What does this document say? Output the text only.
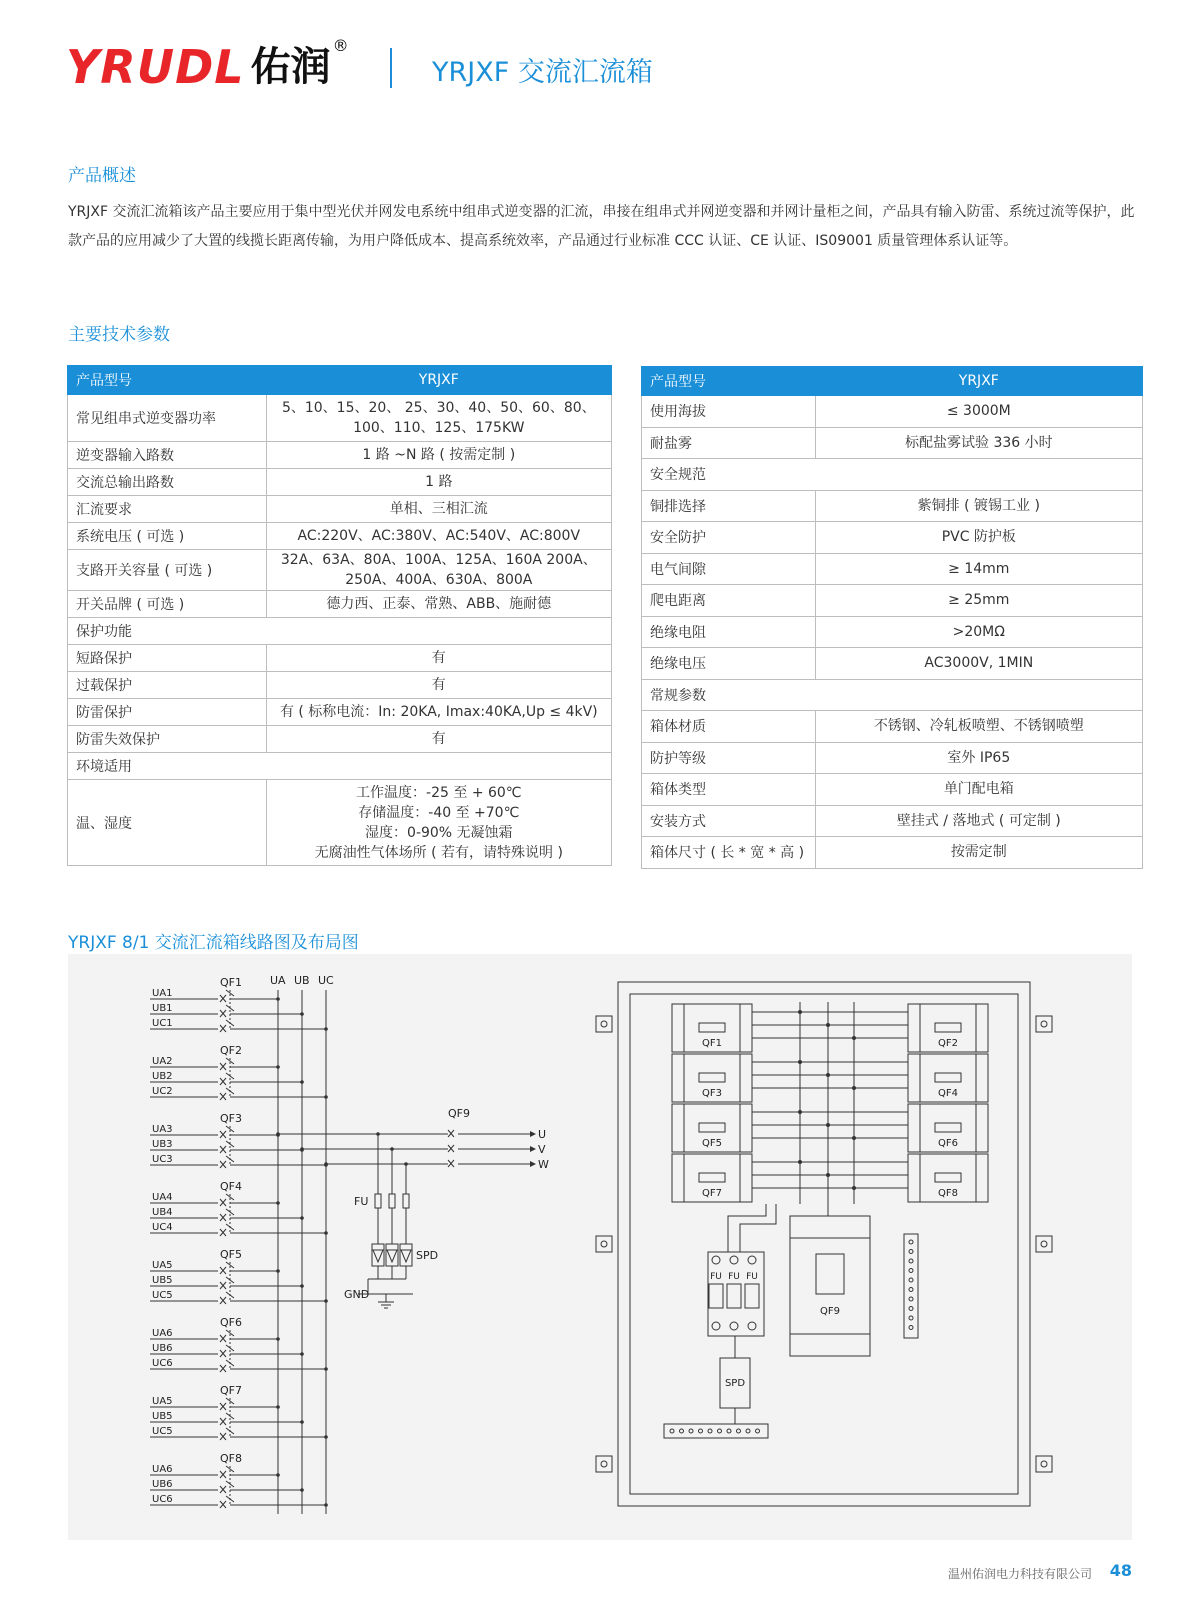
YRUDL 佑润 ®
YRJXF 交流汇流箱
产品概述
YRJXF 交流汇流箱该产品主要应用于集中型光伏并网发电系统中组串式逆变器的汇流，串接在组串式并网逆变器和并网计量柜之间，产品具有输入防雷、系统过流等保护，此款产品的应用减少了大置的线揽长距离传输，为用户降低成本、提高系统效率，产品通过行业标准 CCC 认证、CE 认证、IS09001 质量管理体系认证等。
主要技术参数
产品型号	YRJXF
常见组串式逆变器功率	5、10、15、20、 25、30、40、50、60、80、100、110、125、175KW
逆变器输入路数	1 路 ~N 路 ( 按需定制 )
交流总输出路数	1 路
汇流要求	单相、三相汇流
系统电压 ( 可选 )	AC:220V、AC:380V、AC:540V、AC:800V
支路开关容量 ( 可选 )	32A、63A、80A、100A、125A、160A 200A、250A、400A、630A、800A
开关品牌 ( 可选 )	德力西、正泰、常熟、ABB、施耐德
保护功能	
短路保护	有
过载保护	有
防雷保护	有 ( 标称电流：In: 20KA, Imax:40KA,Up ≤ 4kV)
防雷失效保护	有
环境适用	
温、湿度	工作温度：-25 至 + 60℃
存储温度：-40 至 +70℃
湿度：0-90% 无凝蚀霜
无腐油性气体场所 ( 若有，请特殊说明 )
产品型号	YRJXF
使用海拔	≤ 3000M
耐盐雾	标配盐雾试验 336 小时
安全规范	
铜排选择	紫铜排 ( 镀锡工业 )
安全防护	PVC 防护板
电气间隙	≥ 14mm
爬电距离	≥ 25mm
绝缘电阻	>20MΩ
绝缘电压	AC3000V, 1MIN
常规参数	
箱体材质	不锈钢、冷轧板喷塑、不锈钢喷塑
防护等级	室外 IP65
箱体类型	单门配电箱
安装方式	壁挂式 / 落地式 ( 可定制 )
箱体尺寸 ( 长 * 宽 * 高 )	按需定制
YRJXF 8/1 交流汇流箱线路图及布局图
UA UB UC
QF1
UA1
UB1
UC1
QF2
UA2
UB2
UC2
QF3
UA3
UB3
UC3
QF4
UA4
UB4
UC4
QF5
UA5
UB5
UC5
QF6
UA6
UB6
UC6
QF7
UA5
UB5
UC5
QF8
UA6
UB6
UC6
QF9
U
V
W
FU
SPD
GND
QF1
QF3
QF5
QF7
QF2
QF4
QF6
QF8
FU FU FU
SPD
QF9
温州佑润电力科技有限公司 48
